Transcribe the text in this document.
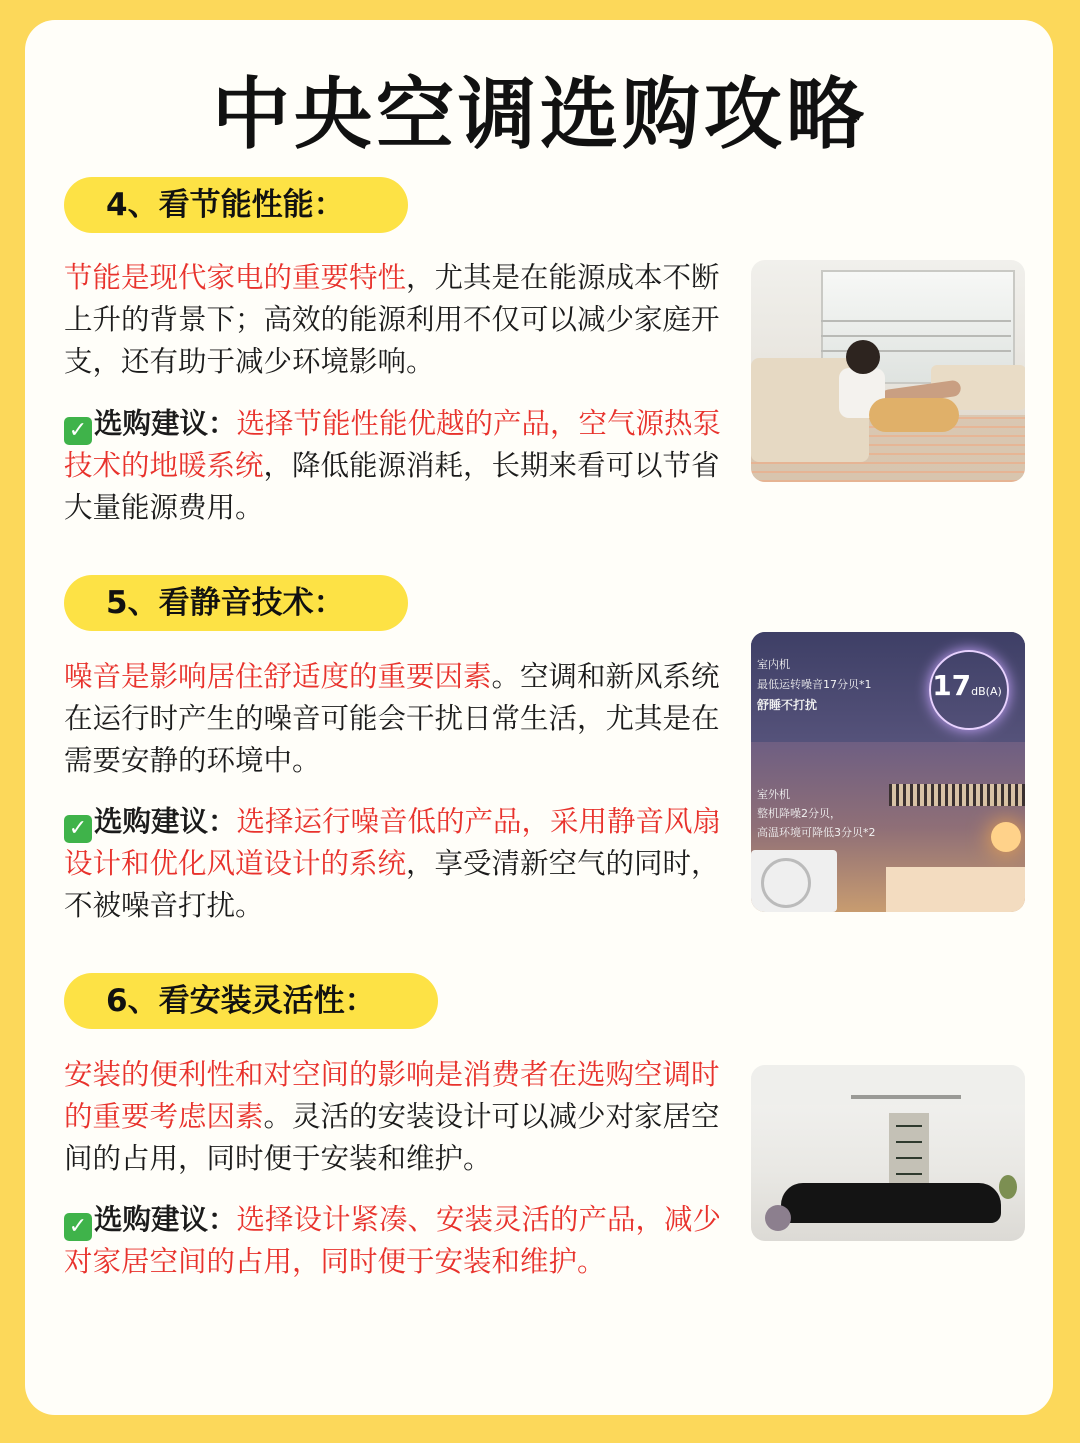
中央空调选购攻略
4、看节能性能：

节能是现代家电的重要特性，尤其是在能源成本不断上升的背景下；高效的能源利用不仅可以减少家庭开支，还有助于减少环境影响。

✓ 选购建议：选择节能性能优越的产品，空气源热泵技术的地暖系统，降低能源消耗，长期来看可以节省大量能源费用。

5、看静音技术：

噪音是影响居住舒适度的重要因素。空调和新风系统在运行时产生的噪音可能会干扰日常生活，尤其是在需要安静的环境中。

✓ 选购建议：选择运行噪音低的产品，采用静音风扇设计和优化风道设计的系统，享受清新空气的同时，不被噪音打扰。

室内机
最低运转噪音17分贝*1
舒睡不打扰
17dB(A)
室外机
整机降噪2分贝，
高温环境可降低3分贝*2
6、看安装灵活性：

安装的便利性和对空间的影响是消费者在选购空调时的重要考虑因素。灵活的安装设计可以减少对家居空间的占用，同时便于安装和维护。

✓ 选购建议：选择设计紧凑、安装灵活的产品，减少对家居空间的占用，同时便于安装和维护。
